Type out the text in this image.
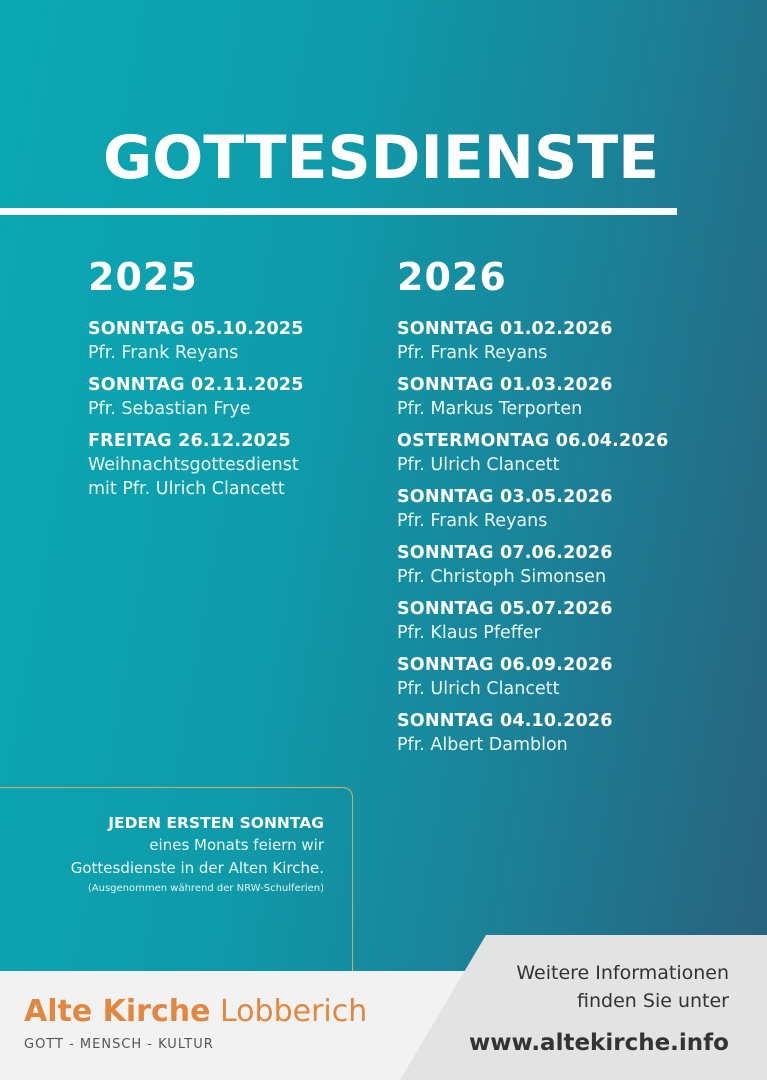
GOTTESDIENSTE
2025
SONNTAG 05.10.2025
Pfr. Frank Reyans
SONNTAG 02.11.2025
Pfr. Sebastian Frye
FREITAG 26.12.2025
Weihnachtsgottesdienst
mit Pfr. Ulrich Clancett
2026
SONNTAG 01.02.2026
Pfr. Frank Reyans
SONNTAG 01.03.2026
Pfr. Markus Terporten
OSTERMONTAG 06.04.2026
Pfr. Ulrich Clancett
SONNTAG 03.05.2026
Pfr. Frank Reyans
SONNTAG 07.06.2026
Pfr. Christoph Simonsen
SONNTAG 05.07.2026
Pfr. Klaus Pfeffer
SONNTAG 06.09.2026
Pfr. Ulrich Clancett
SONNTAG 04.10.2026
Pfr. Albert Damblon
JEDEN ERSTEN SONNTAG
eines Monats feiern wir
Gottesdienste in der Alten Kirche.
(Ausgenommen während der NRW-Schulferien)
Alte Kirche Lobberich
GOTT - MENSCH - KULTUR
Weitere Informationen
finden Sie unter
www.altekirche.info
